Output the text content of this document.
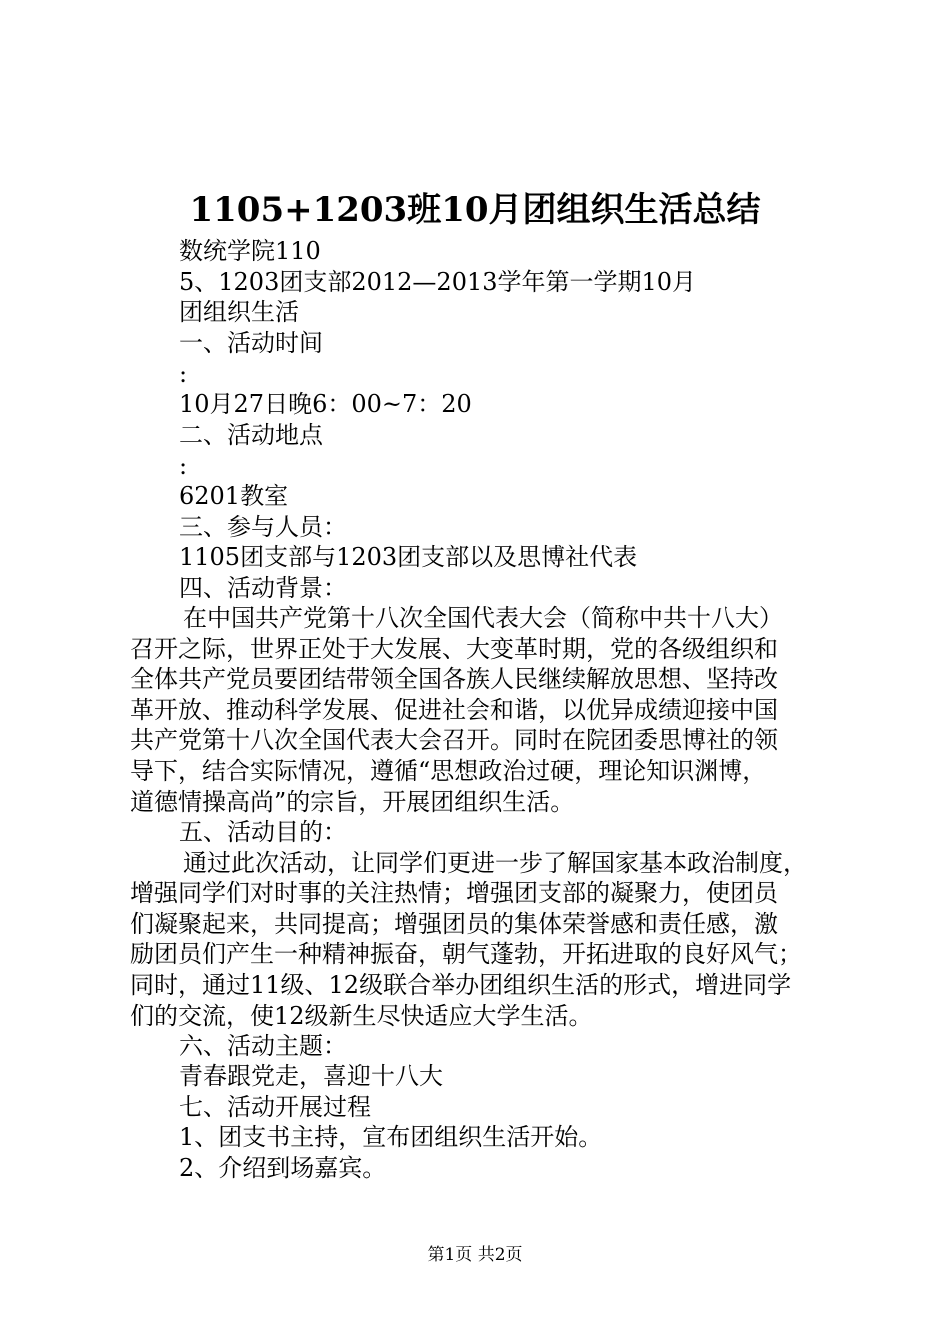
1105+1203班10月团组织生活总结
数统学院110
5、1203团支部2012—2013学年第一学期10月
团组织生活
一、活动时间
:
10月27日晚6：00~7：20
二、活动地点
:
6201教室
三、参与人员：
1105团支部与1203团支部以及思博社代表
四、活动背景：
在中国共产党第十八次全国代表大会（简称中共十八大）
召开之际，世界正处于大发展、大变革时期，党的各级组织和
全体共产党员要团结带领全国各族人民继续解放思想、坚持改
革开放、推动科学发展、促进社会和谐，以优异成绩迎接中国
共产党第十八次全国代表大会召开。同时在院团委思博社的领
导下，结合实际情况，遵循“思想政治过硬，理论知识渊博，
道德情操高尚”的宗旨，开展团组织生活。
五、活动目的：
通过此次活动，让同学们更进一步了解国家基本政治制度，
增强同学们对时事的关注热情；增强团支部的凝聚力，使团员
们凝聚起来，共同提高；增强团员的集体荣誉感和责任感，激
励团员们产生一种精神振奋，朝气蓬勃，开拓进取的良好风气；
同时，通过11级、12级联合举办团组织生活的形式，增进同学
们的交流，使12级新生尽快适应大学生活。
六、活动主题：
青春跟党走，喜迎十八大
七、活动开展过程
1、团支书主持，宣布团组织生活开始。
2、介绍到场嘉宾。
第1页 共2页
